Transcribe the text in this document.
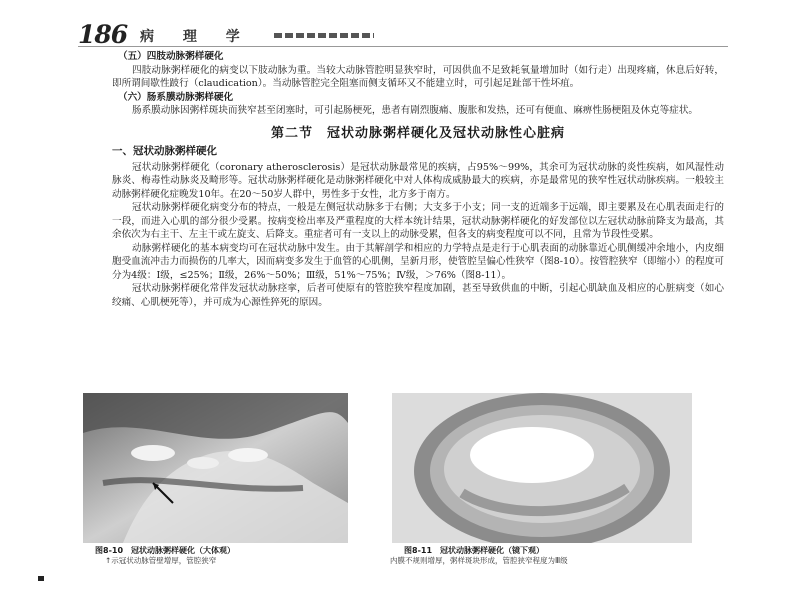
186 病 理 学

（五）四肢动脉粥样硬化

四肢动脉粥样硬化的病变以下肢动脉为重。当较大动脉管腔明显狭窄时，可因供血不足致耗氧量增加时（如行走）出现疼痛，休息后好转，即所谓间歇性跛行（claudication）。当动脉管腔完全阻塞而侧支循环又不能建立时，可引起足趾部干性坏疽。

（六）肠系膜动脉粥样硬化

肠系膜动脉因粥样斑块而狭窄甚至闭塞时，可引起肠梗死，患者有剧烈腹痛、腹胀和发热，还可有便血、麻痹性肠梗阻及休克等症状。

第二节　冠状动脉粥样硬化及冠状动脉性心脏病

一、冠状动脉粥样硬化

冠状动脉粥样硬化（coronary atherosclerosis）是冠状动脉最常见的疾病，占95%～99%，其余可为冠状动脉的炎性疾病，如风湿性动脉炎、梅毒性动脉炎及畸形等。冠状动脉粥样硬化是动脉粥样硬化中对人体构成威胁最大的疾病，亦是最常见的狭窄性冠状动脉疾病。一般较主动脉粥样硬化症晚发10年。在20～50岁人群中，男性多于女性，北方多于南方。

冠状动脉粥样硬化病变分布的特点，一般是左侧冠状动脉多于右侧；大支多于小支；同一支的近端多于远端，即主要累及在心肌表面走行的一段，而进入心肌的部分很少受累。按病变检出率及严重程度的大样本统计结果，冠状动脉粥样硬化的好发部位以左冠状动脉前降支为最高，其余依次为右主干、左主干或左旋支、后降支。重症者可有一支以上的动脉受累，但各支的病变程度可以不同，且常为节段性受累。

动脉粥样硬化的基本病变均可在冠状动脉中发生。由于其解剖学和相应的力学特点是走行于心肌表面的动脉靠近心肌侧缓冲余地小，内皮细胞受血流冲击力而损伤的几率大，因而病变多发生于血管的心肌侧，呈新月形，使管腔呈偏心性狭窄（图8-10）。按管腔狭窄（即缩小）的程度可分为4级：Ⅰ级，≤25%；Ⅱ级，26%～50%；Ⅲ级，51%～75%；Ⅳ级，＞76%（图8-11）。

冠状动脉粥样硬化常伴发冠状动脉痉挛，后者可使原有的管腔狭窄程度加剧，甚至导致供血的中断，引起心肌缺血及相应的心脏病变（如心绞痛、心肌梗死等），并可成为心源性猝死的原因。

图8-10　冠状动脉粥样硬化（大体观）
↑示冠状动脉管壁增厚，管腔狭窄
图8-11　冠状动脉粥样硬化（镜下观）
内膜不规则增厚，粥样斑块形成，管腔狭窄程度为Ⅲ级
